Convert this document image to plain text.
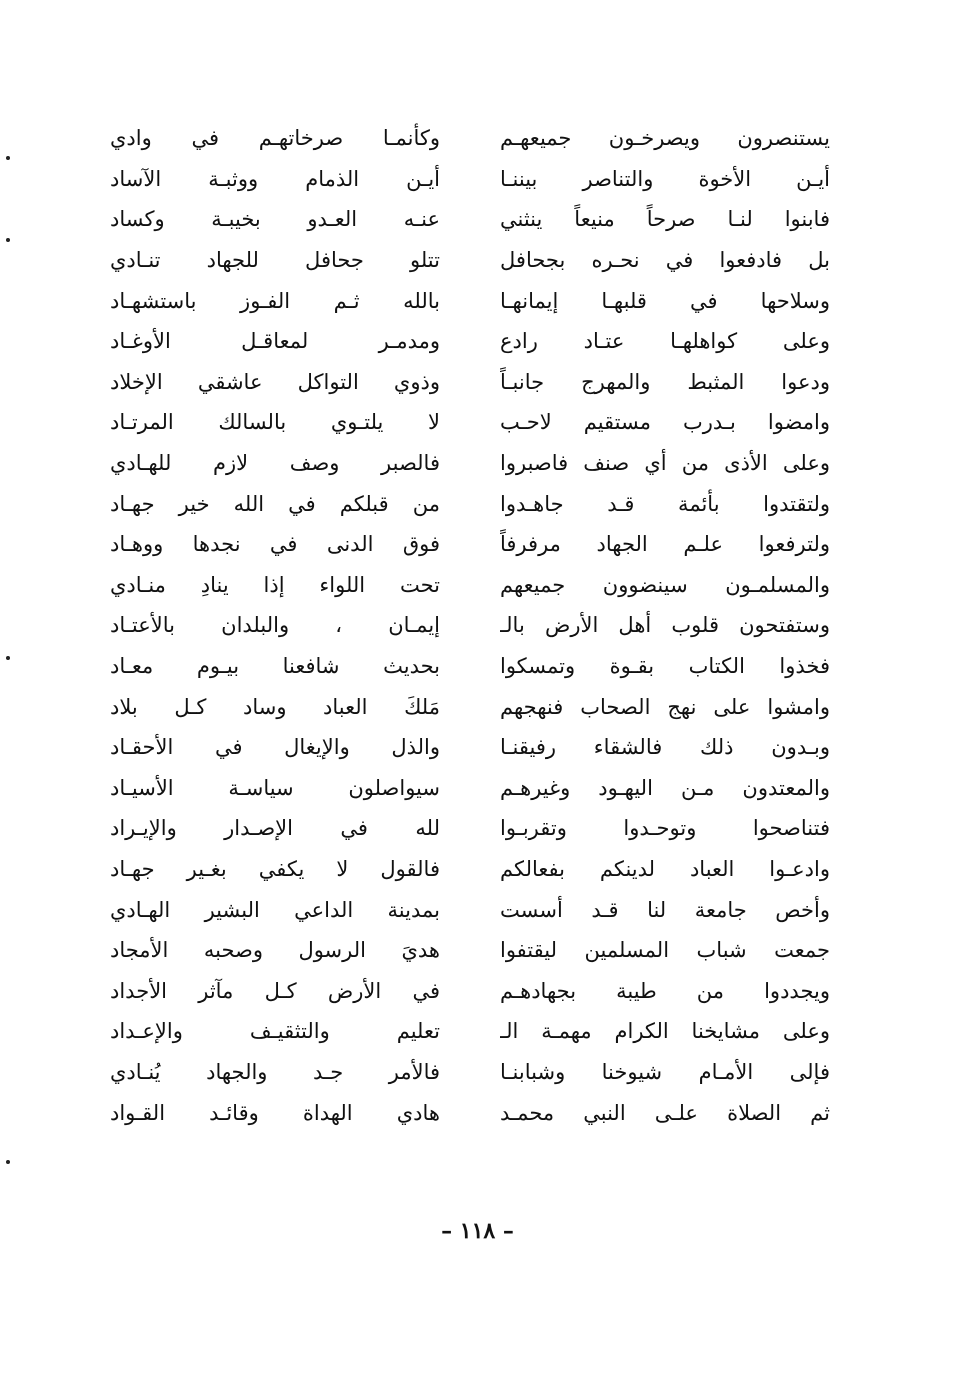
يستنصرون ويصرخـون جميعهـم
وكأنمـا صرخاتهـم في وادي
أيـن الأخوة والتناصر بيننـا
أيـن الذمام ووثبـة الآساد
فابنوا لنـا صرحاً منيعاً ينثني
عنـه العـدو بخيبـة وكساد
بل فادفعوا في نحـره بجحافل
تتلو جحافل للجهاد تنـادي
وسلاحها في قلبهـا إيمانهـا
بالله ثـم الفـوز باستشهـاد
وعلى كواهلهـا عتـاد رادع
ومدمـر لمعاقـل الأوغـاد
ودعوا المثبط والمهرج جانبـاً
وذوي التواكل عاشقي الإخلاد
وامضوا بـدرب مستقيم لاحـب
لا يلتـوي بالسالك المرتـاد
وعلى الأذى من أي صنف فاصبروا
فالصبر وصف لازم للهـادي
ولتقتدوا بأئمة قـد جاهـدوا
من قبلكم في الله خير جهـاد
ولترفعوا علـم الجهاد مرفرفاً
فوق الدنى في نجدها ووهـاد
والمسلمـون سينضوون جميعهم
تحت اللواء إذا ينادِ منـادي
وستفتحون قلوب أهل الأرض بالـ
إيمـان ، والبلدان بالأعتـاد
فخذوا الكتاب بقـوة وتمسكوا
بحديث شافعنا بيـوم معـاد
وامشوا على نهج الصحاب فنهجهم
مَلكَ العباد وساد كـل بلاد
وبـدون ذلك فالشقاء رفيقنـا
والذل والإيغال في الأحقـاد
والمعتدون مـن اليهـود وغيرهـم
سيواصلون سياسـة الأسيـاد
فتناصحوا وتوحـدوا وتقربـوا
لله في الإصـدار والإيـراد
وادعـوا العباد لدينكم بفعالكم
فالقول لا يكفي بغـير جهـاد
وأخص جامعة لنا قـد أسست
بمدينة الداعي البشير الهـادي
جمعت شباب المسلمين ليقتفوا
هديَ الرسول وصحبه الأمجاد
ويجددوا من طيبة بجهادهـم
في الأرض كـل مآثر الأجداد
وعلى مشايخنا الكرام مهمـة الـ
تعليم والتثقيـف والإعـداد
فإلى الأمـام شيوخنا وشبابنـا
فالأمر جـد والجهاد يُنـادي
ثم الصلاة علـى النبي محمـد
هادي الهداة وقائـد القـواد
– ١١٨ –
